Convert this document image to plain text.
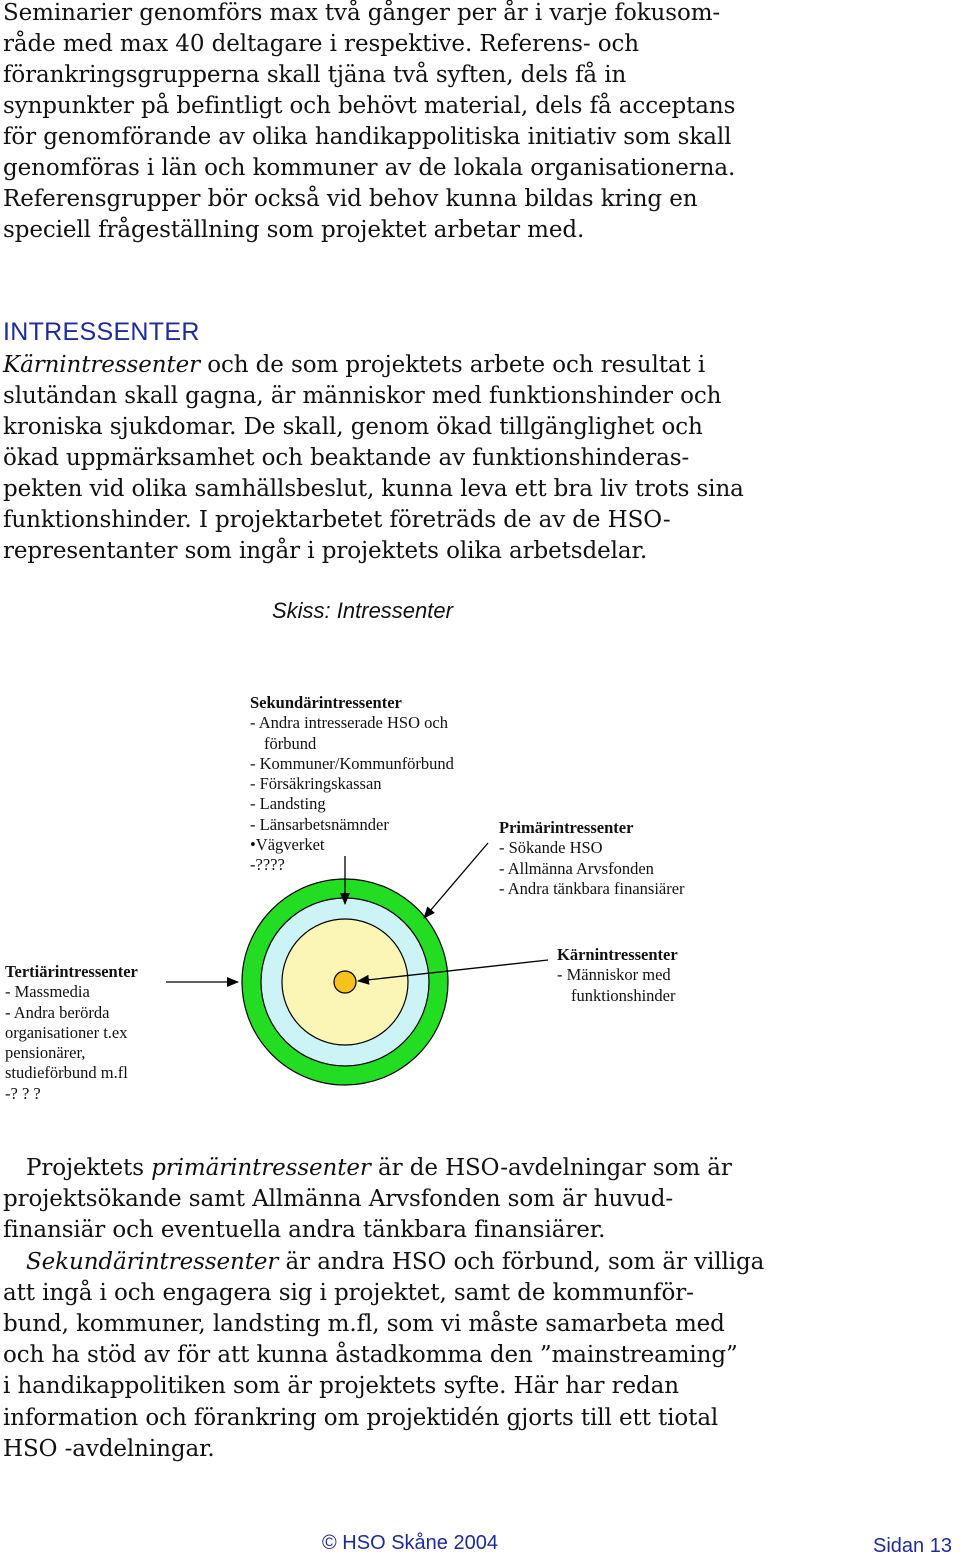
Seminarier genomförs max två gånger per år i varje fokusom-
råde med max 40 deltagare i respektive. Referens- och
förankringsgrupperna skall tjäna två syften, dels få in
synpunkter på befintligt och behövt material, dels få acceptans
för genomförande av olika handikappolitiska initiativ som skall
genomföras i län och kommuner av de lokala organisationerna.
Referensgrupper bör också vid behov kunna bildas kring en
speciell frågeställning som projektet arbetar med.
INTRESSENTER
Kärnintressenter och de som projektets arbete och resultat i
slutändan skall gagna, är människor med funktionshinder och
kroniska sjukdomar. De skall, genom ökad tillgänglighet och
ökad uppmärksamhet och beaktande av funktionshinderas-
pekten vid olika samhällsbeslut, kunna leva ett bra liv trots sina
funktionshinder. I projektarbetet företräds de av de HSO-
representanter som ingår i projektets olika arbetsdelar.
Skiss: Intressenter
Sekundärintressenter
- Andra intresserade HSO och
förbund
- Kommuner/Kommunförbund
- Försäkringskassan
- Landsting
- Länsarbetsnämnder
•Vägverket
-????
Primärintressenter
- Sökande HSO
- Allmänna Arvsfonden
- Andra tänkbara finansiärer
Tertiärintressenter
- Massmedia
- Andra berörda
organisationer t.ex
pensionärer,
studieförbund m.fl
-? ? ?
Kärnintressenter
- Människor med
funktionshinder
Projektets primärintressenter är de HSO-avdelningar som är
projektsökande samt Allmänna Arvsfonden som är huvud-
finansiär och eventuella andra tänkbara finansiärer.
Sekundärintressenter är andra HSO och förbund, som är villiga
att ingå i och engagera sig i projektet, samt de kommunför-
bund, kommuner, landsting m.fl, som vi måste samarbeta med
och ha stöd av för att kunna åstadkomma den ”mainstreaming”
i handikappolitiken som är projektets syfte. Här har redan
information och förankring om projektidén gjorts till ett tiotal
HSO -avdelningar.
© HSO Skåne 2004	Sidan 13
